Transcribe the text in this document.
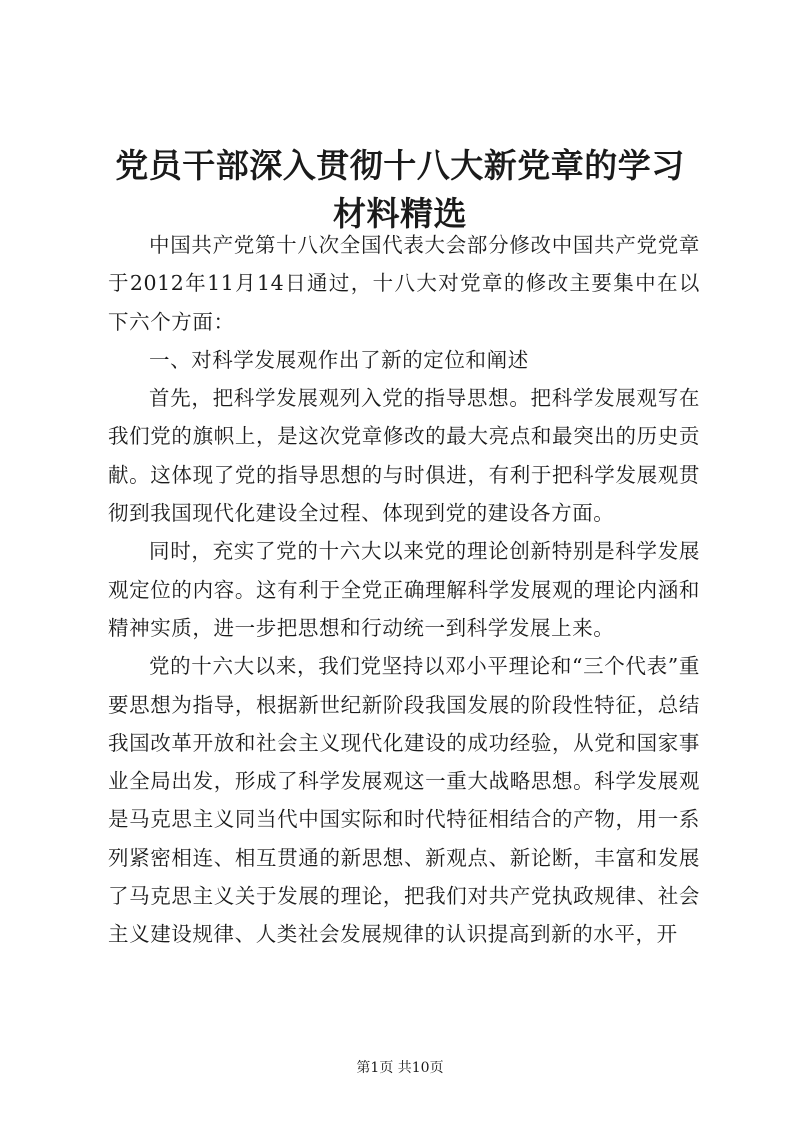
党员干部深入贯彻十八大新党章的学习材料精选

中国共产党第十八次全国代表大会部分修改中国共产党党章于2012年11月14日通过，十八大对党章的修改主要集中在以下六个方面：

一、对科学发展观作出了新的定位和阐述

首先，把科学发展观列入党的指导思想。把科学发展观写在我们党的旗帜上，是这次党章修改的最大亮点和最突出的历史贡献。这体现了党的指导思想的与时俱进，有利于把科学发展观贯彻到我国现代化建设全过程、体现到党的建设各方面。

同时，充实了党的十六大以来党的理论创新特别是科学发展观定位的内容。这有利于全党正确理解科学发展观的理论内涵和精神实质，进一步把思想和行动统一到科学发展上来。

党的十六大以来，我们党坚持以邓小平理论和“三个代表”重要思想为指导，根据新世纪新阶段我国发展的阶段性特征，总结我国改革开放和社会主义现代化建设的成功经验，从党和国家事业全局出发，形成了科学发展观这一重大战略思想。科学发展观是马克思主义同当代中国实际和时代特征相结合的产物，用一系列紧密相连、相互贯通的新思想、新观点、新论断，丰富和发展了马克思主义关于发展的理论，把我们对共产党执政规律、社会主义建设规律、人类社会发展规律的认识提高到新的水平，开

第1页 共10页
